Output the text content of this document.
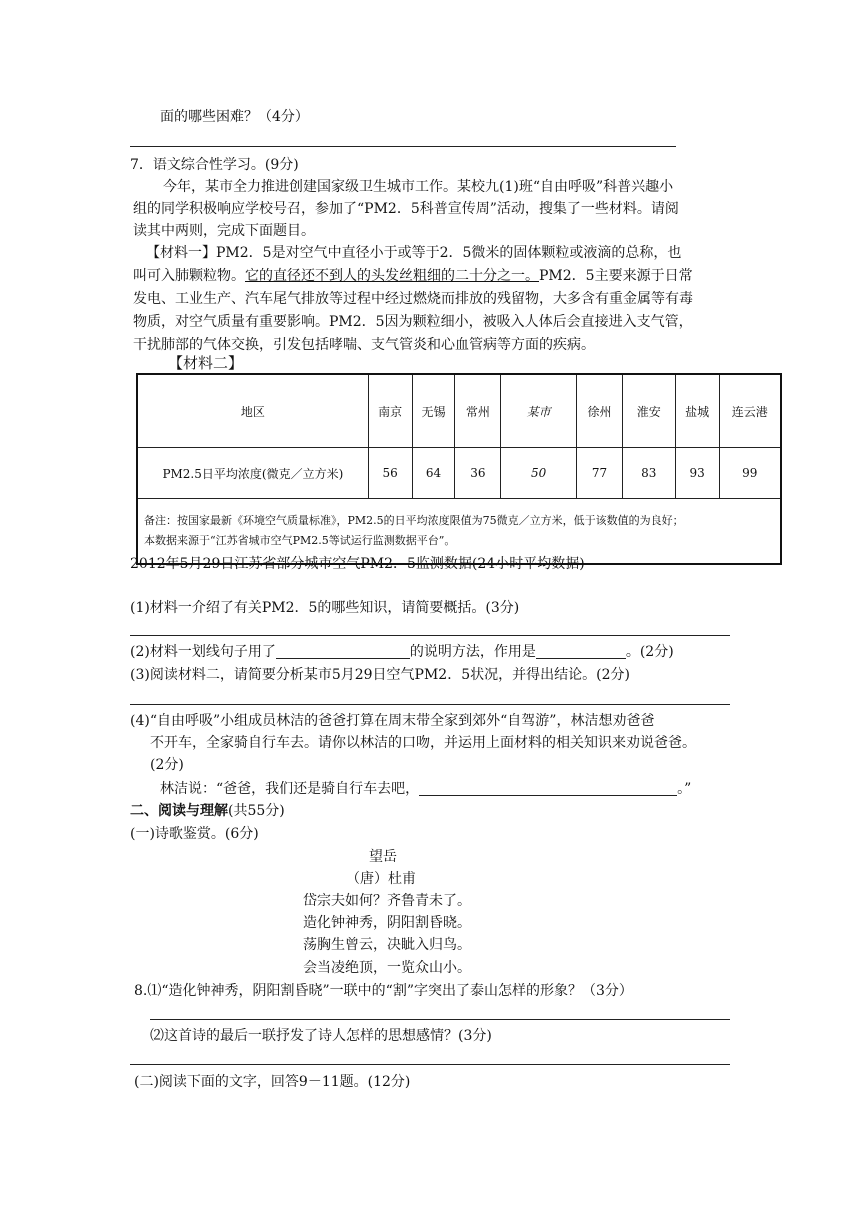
面的哪些困难？（4分）
7．语文综合性学习。(9分)
今年，某市全力推进创建国家级卫生城市工作。某校九(1)班“自由呼吸”科普兴趣小
组的同学积极响应学校号召，参加了“PM2．5科普宣传周”活动，搜集了一些材料。请阅
读其中两则，完成下面题目。
【材料一】PM2．5是对空气中直径小于或等于2．5微米的固体颗粒或液滴的总称，也
叫可入肺颗粒物。它的直径还不到人的头发丝粗细的二十分之一。PM2．5主要来源于日常
发电、工业生产、汽车尾气排放等过程中经过燃烧而排放的残留物，大多含有重金属等有毒
物质，对空气质量有重要影响。PM2．5因为颗粒细小，被吸入人体后会直接进入支气管，
干扰肺部的气体交换，引发包括哮喘、支气管炎和心血管病等方面的疾病。
【材料二】
地区	南京	无锡	常州	某市	徐州	淮安	盐城	连云港
PM2.5日平均浓度(微克／立方米)	56	64	36	50	77	83	93	99

备注：按国家最新《环境空气质量标准》，PM2.5的日平均浓度限值为75微克／立方米，低于该数值的为良好；
本数据来源于“江苏省城市空气PM2.5等试运行监测数据平台”。								
2012年5月29日江苏省部分城市空气PM2．5监测数据(24小时平均数据)
(1)材料一介绍了有关PM2．5的哪些知识，请简要概括。(3分)
(2)材料一划线句子用了	的说明方法，作用是	。(2分)
(3)阅读材料二，请简要分析某市5月29日空气PM2．5状况，并得出结论。(2分)
(4)“自由呼吸”小组成员林洁的爸爸打算在周末带全家到郊外“自驾游”，林洁想劝爸爸
不开车，全家骑自行车去。请你以林洁的口吻，并运用上面材料的相关知识来劝说爸爸。
(2分)
林洁说：“爸爸，我们还是骑自行车去吧，	。”
二、阅读与理解(共55分)
(一)诗歌鉴赏。(6分)
望岳
（唐）杜甫
岱宗夫如何？齐鲁青未了。
造化钟神秀，阴阳割昏晓。
荡胸生曾云，决眦入归鸟。
会当凌绝顶，一览众山小。
8.⑴“造化钟神秀，阴阳割昏晓”一联中的“割”字突出了泰山怎样的形象？（3分）
⑵这首诗的最后一联抒发了诗人怎样的思想感情？(3分)
(二)阅读下面的文字，回答9－11题。(12分)
